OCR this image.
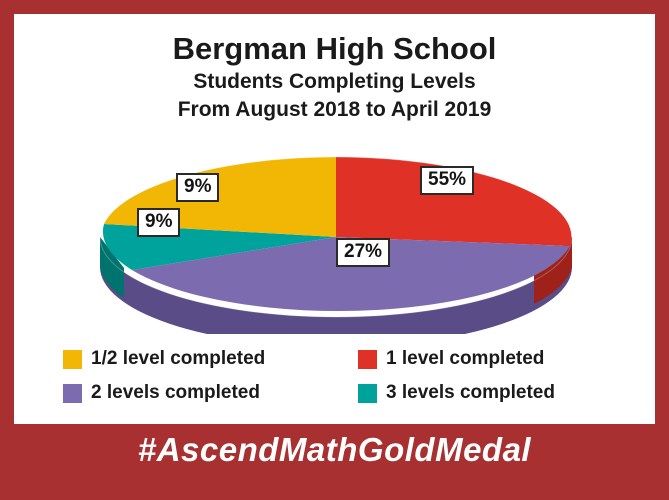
Bergman High School
Students Completing Levels
From August 2018 to April 2019
55%
27%
9%
9%
1/2 level completed	1 level completed
2 levels completed	3 levels completed
#AscendMathGoldMedal
